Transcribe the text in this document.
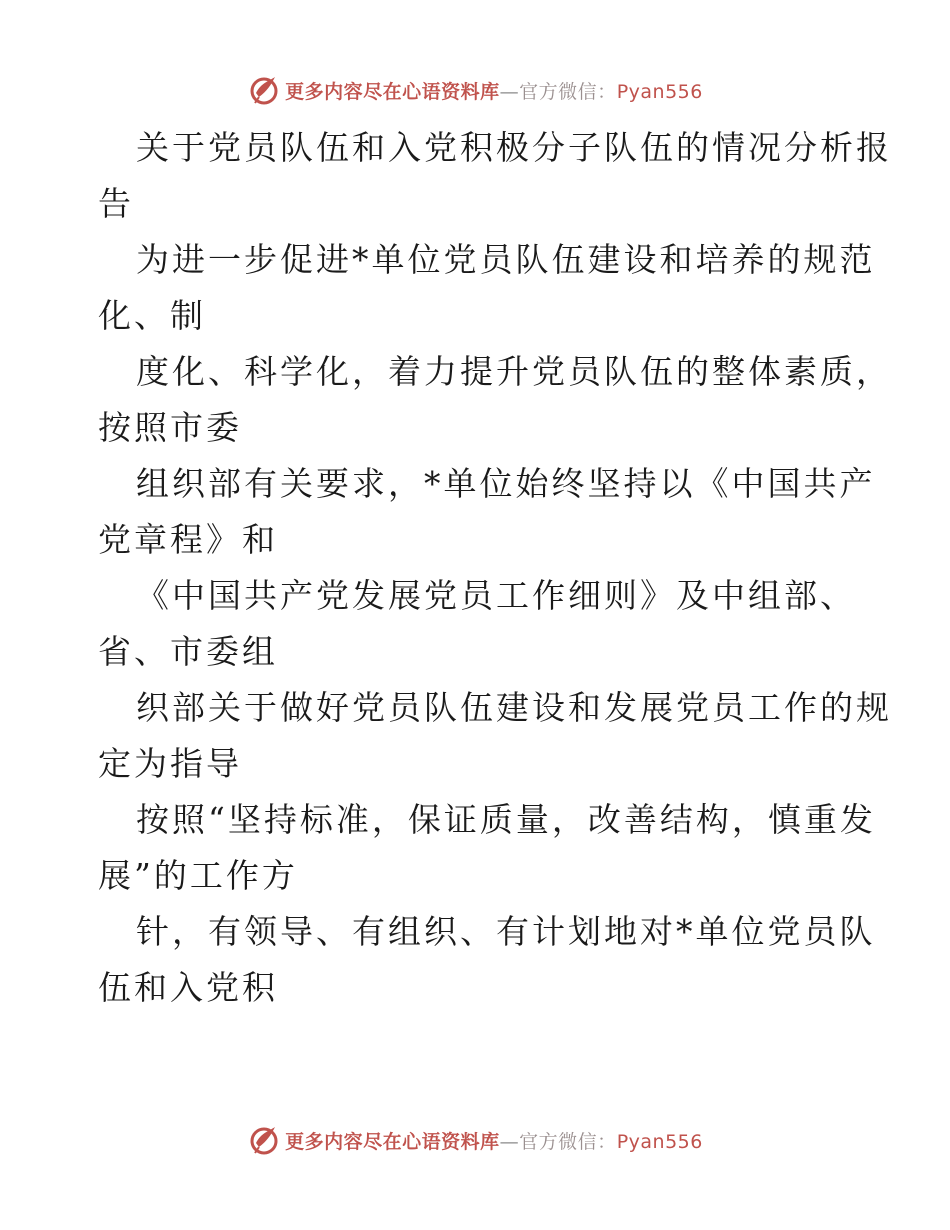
更多内容尽在心语资料库—官方微信：Pyan556
关于党员队伍和入党积极分子队伍的情况分析报
告
为进一步促进*单位党员队伍建设和培养的规范
化、制
度化、科学化，着力提升党员队伍的整体素质，
按照市委
组织部有关要求，*单位始终坚持以《中国共产
党章程》和
《中国共产党发展党员工作细则》及中组部、
省、市委组
织部关于做好党员队伍建设和发展党员工作的规
定为指导
按照“坚持标准，保证质量，改善结构，慎重发
展”的工作方
针，有领导、有组织、有计划地对*单位党员队
伍和入党积
更多内容尽在心语资料库—官方微信：Pyan556
